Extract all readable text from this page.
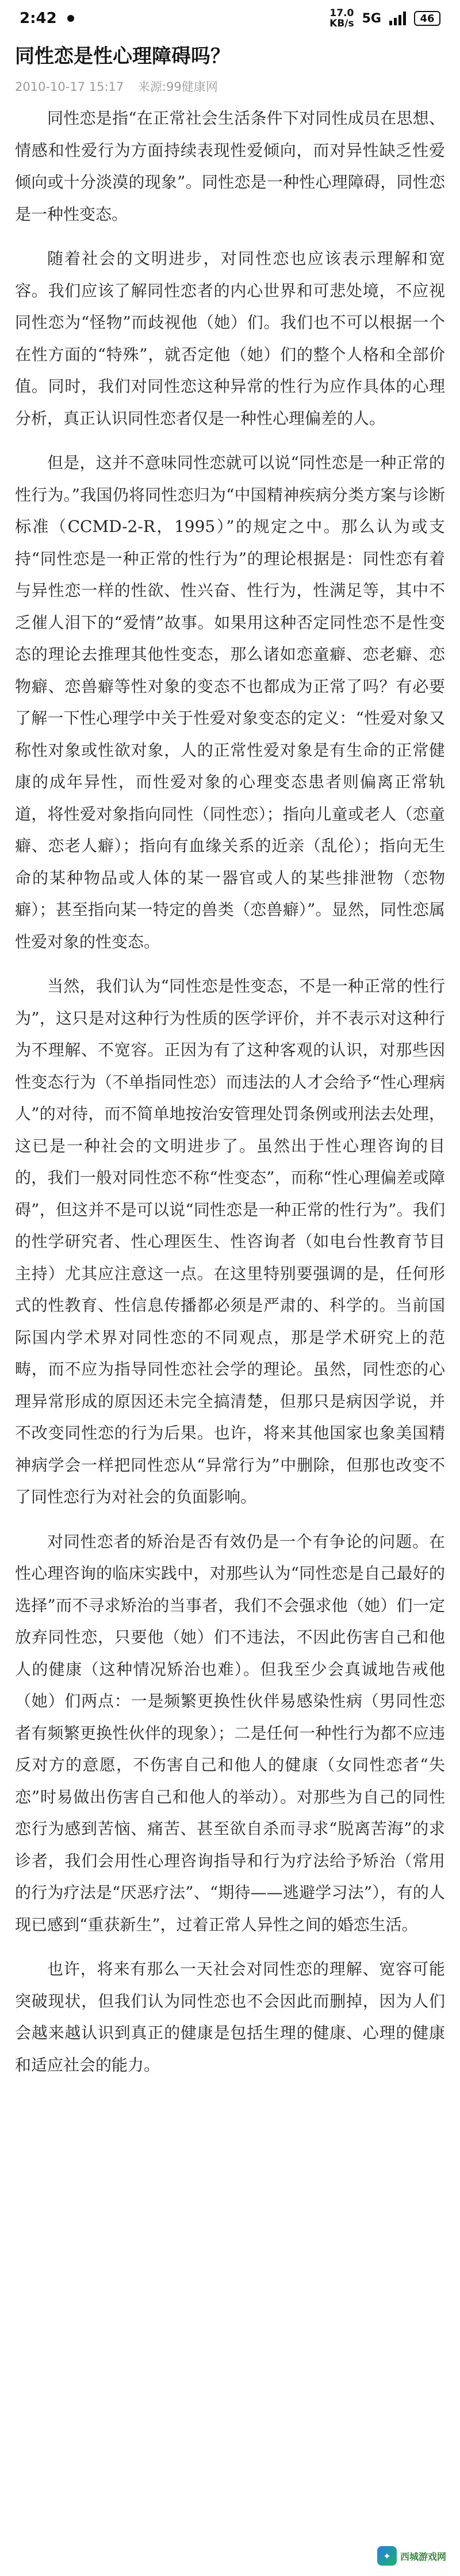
2:42	17.0
KB/s 5G	46
同性恋是性心理障碍吗？
2010-10-17 15:17 来源:99健康网

同性恋是指“在正常社会生活条件下对同性成员在思想、情感和性爱行为方面持续表现性爱倾向，而对异性缺乏性爱倾向或十分淡漠的现象”。同性恋是一种性心理障碍，同性恋是一种性变态。

随着社会的文明进步，对同性恋也应该表示理解和宽容。我们应该了解同性恋者的内心世界和可悲处境，不应视同性恋为“怪物”而歧视他（她）们。我们也不可以根据一个在性方面的“特殊”，就否定他（她）们的整个人格和全部价值。同时，我们对同性恋这种异常的性行为应作具体的心理分析，真正认识同性恋者仅是一种性心理偏差的人。

但是，这并不意味同性恋就可以说“同性恋是一种正常的性行为。”我国仍将同性恋归为“中国精神疾病分类方案与诊断标准（CCMD-2-R，1995）”的规定之中。那么认为或支持“同性恋是一种正常的性行为”的理论根据是：同性恋有着与异性恋一样的性欲、性兴奋、性行为，性满足等，其中不乏催人泪下的“爱情”故事。如果用这种否定同性恋不是性变态的理论去推理其他性变态，那么诸如恋童癖、恋老癖、恋物癖、恋兽癖等性对象的变态不也都成为正常了吗？有必要了解一下性心理学中关于性爱对象变态的定义：“性爱对象又称性对象或性欲对象，人的正常性爱对象是有生命的正常健康的成年异性，而性爱对象的心理变态患者则偏离正常轨道，将性爱对象指向同性（同性恋）；指向儿童或老人（恋童癖、恋老人癖）；指向有血缘关系的近亲（乱伦）；指向无生命的某种物品或人体的某一器官或人的某些排泄物（恋物癖）；甚至指向某一特定的兽类（恋兽癖）”。显然，同性恋属性爱对象的性变态。

当然，我们认为“同性恋是性变态，不是一种正常的性行为”，这只是对这种行为性质的医学评价，并不表示对这种行为不理解、不宽容。正因为有了这种客观的认识，对那些因性变态行为（不单指同性恋）而违法的人才会给予“性心理病人”的对待，而不简单地按治安管理处罚条例或刑法去处理，这已是一种社会的文明进步了。虽然出于性心理咨询的目的，我们一般对同性恋不称“性变态”，而称“性心理偏差或障碍”，但这并不是可以说“同性恋是一种正常的性行为”。我们的性学研究者、性心理医生、性咨询者（如电台性教育节目主持）尤其应注意这一点。在这里特别要强调的是，任何形式的性教育、性信息传播都必须是严肃的、科学的。当前国际国内学术界对同性恋的不同观点，那是学术研究上的范畴，而不应为指导同性恋社会学的理论。虽然，同性恋的心理异常形成的原因还未完全搞清楚，但那只是病因学说，并不改变同性恋的行为后果。也许，将来其他国家也象美国精神病学会一样把同性恋从“异常行为”中删除，但那也改变不了同性恋行为对社会的负面影响。

对同性恋者的矫治是否有效仍是一个有争论的问题。在性心理咨询的临床实践中，对那些认为“同性恋是自己最好的选择”而不寻求矫治的当事者，我们不会强求他（她）们一定放弃同性恋，只要他（她）们不违法，不因此伤害自己和他人的健康（这种情况矫治也难）。但我至少会真诚地告戒他（她）们两点：一是频繁更换性伙伴易感染性病（男同性恋者有频繁更换性伙伴的现象）；二是任何一种性行为都不应违反对方的意愿，不伤害自己和他人的健康（女同性恋者“失恋”时易做出伤害自己和他人的举动）。对那些为自己的同性恋行为感到苦恼、痛苦、甚至欲自杀而寻求“脱离苦海”的求诊者，我们会用性心理咨询指导和行为疗法给予矫治（常用的行为疗法是“厌恶疗法”、“期待——逃避学习法”），有的人现已感到“重获新生”，过着正常人异性之间的婚恋生活。

也许，将来有那么一天社会对同性恋的理解、宽容可能突破现状，但我们认为同性恋也不会因此而删掉，因为人们会越来越认识到真正的健康是包括生理的健康、心理的健康和适应社会的能力。

✦	西城游戏网
